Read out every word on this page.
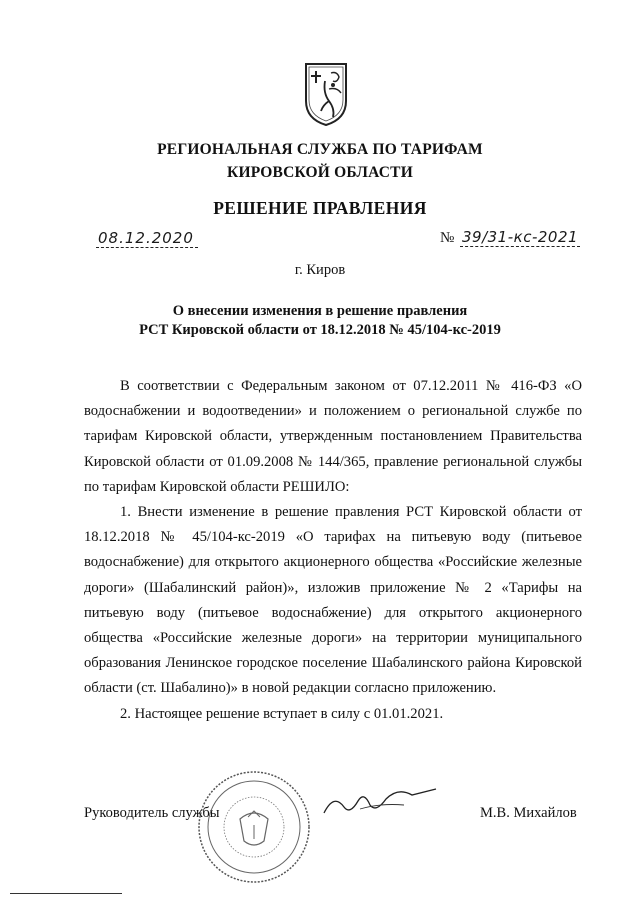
РЕГИОНАЛЬНАЯ СЛУЖБА ПО ТАРИФАМ
КИРОВСКОЙ ОБЛАСТИ
РЕШЕНИЕ ПРАВЛЕНИЯ
08.12.2020	№ 39/31-кс-2021
г. Киров
О внесении изменения в решение правления
РСТ Кировской области от 18.12.2018 № 45/104-кс-2019

В соответствии с Федеральным законом от 07.12.2011 № 416-ФЗ «О водоснабжении и водоотведении» и положением о региональной службе по тарифам Кировской области, утвержденным постановлением Правительства Кировской области от 01.09.2008 № 144/365, правление региональной службы по тарифам Кировской области РЕШИЛО:

1. Внести изменение в решение правления РСТ Кировской области от 18.12.2018 № 45/104-кс-2019 «О тарифах на питьевую воду (питьевое водоснабжение) для открытого акционерного общества «Российские железные дороги» (Шабалинский район)», изложив приложение № 2 «Тарифы на питьевую воду (питьевое водоснабжение) для открытого акционерного общества «Российские железные дороги» на территории муниципального образования Ленинское городское поселение Шабалинского района Кировской области (ст. Шабалино)» в новой редакции согласно приложению.

2. Настоящее решение вступает в силу с 01.01.2021.

Руководитель службы	М.В. Михайлов
